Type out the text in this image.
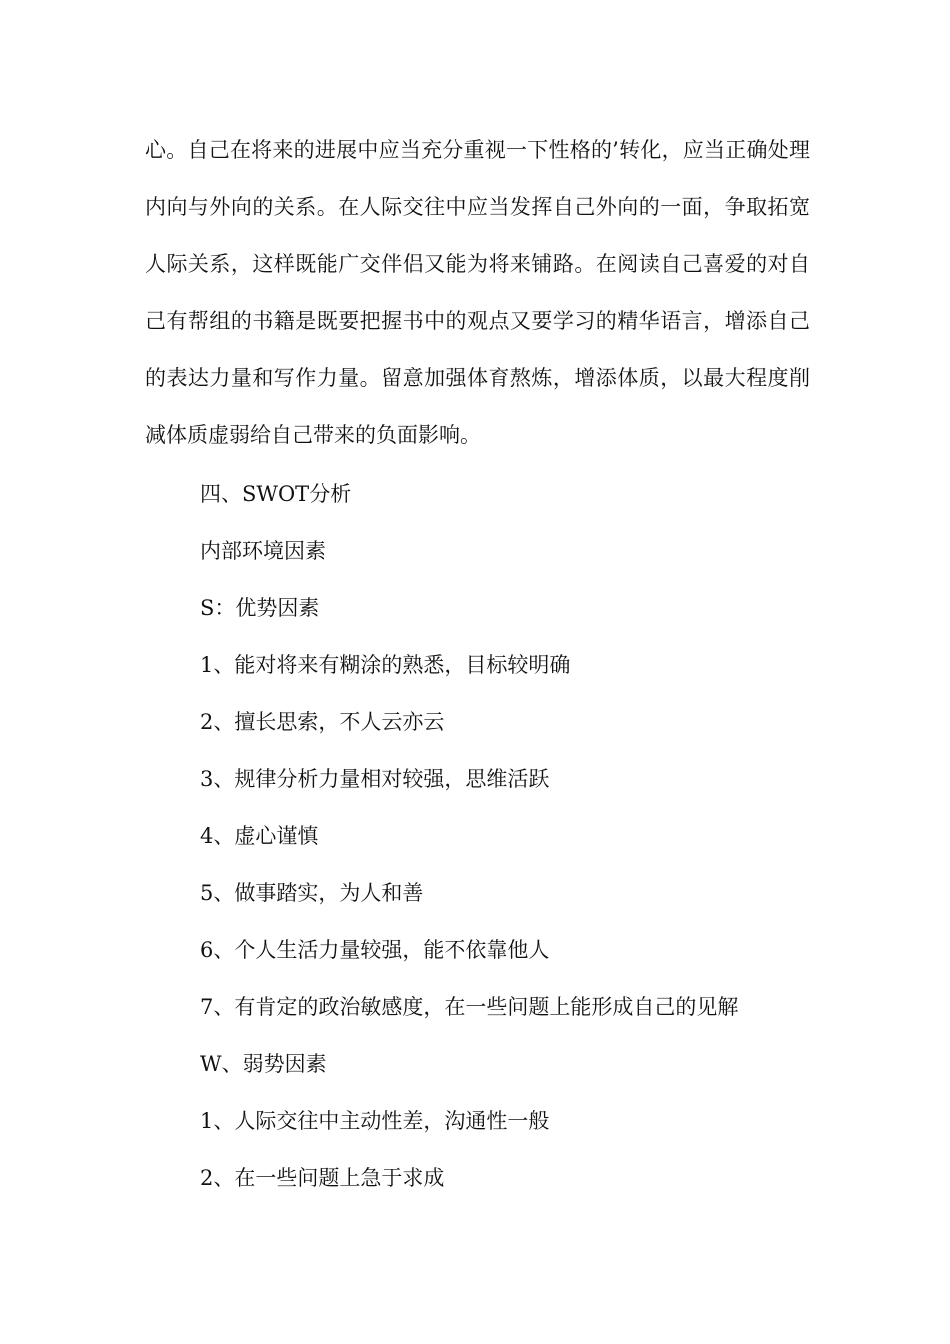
心。自己在将来的进展中应当充分重视一下性格的’转化，应当正确处理内向与外向的关系。在人际交往中应当发挥自己外向的一面，争取拓宽人际关系，这样既能广交伴侣又能为将来铺路。在阅读自己喜爱的对自己有帮组的书籍是既要把握书中的观点又要学习的精华语言，增添自己的表达力量和写作力量。留意加强体育熬炼，增添体质，以最大程度削减体质虚弱给自己带来的负面影响。

四、SWOT分析

内部环境因素

S：优势因素

1、能对将来有糊涂的熟悉，目标较明确

2、擅长思索，不人云亦云

3、规律分析力量相对较强，思维活跃

4、虚心谨慎

5、做事踏实，为人和善

6、个人生活力量较强，能不依靠他人

7、有肯定的政治敏感度，在一些问题上能形成自己的见解

W、弱势因素

1、人际交往中主动性差，沟通性一般

2、在一些问题上急于求成
